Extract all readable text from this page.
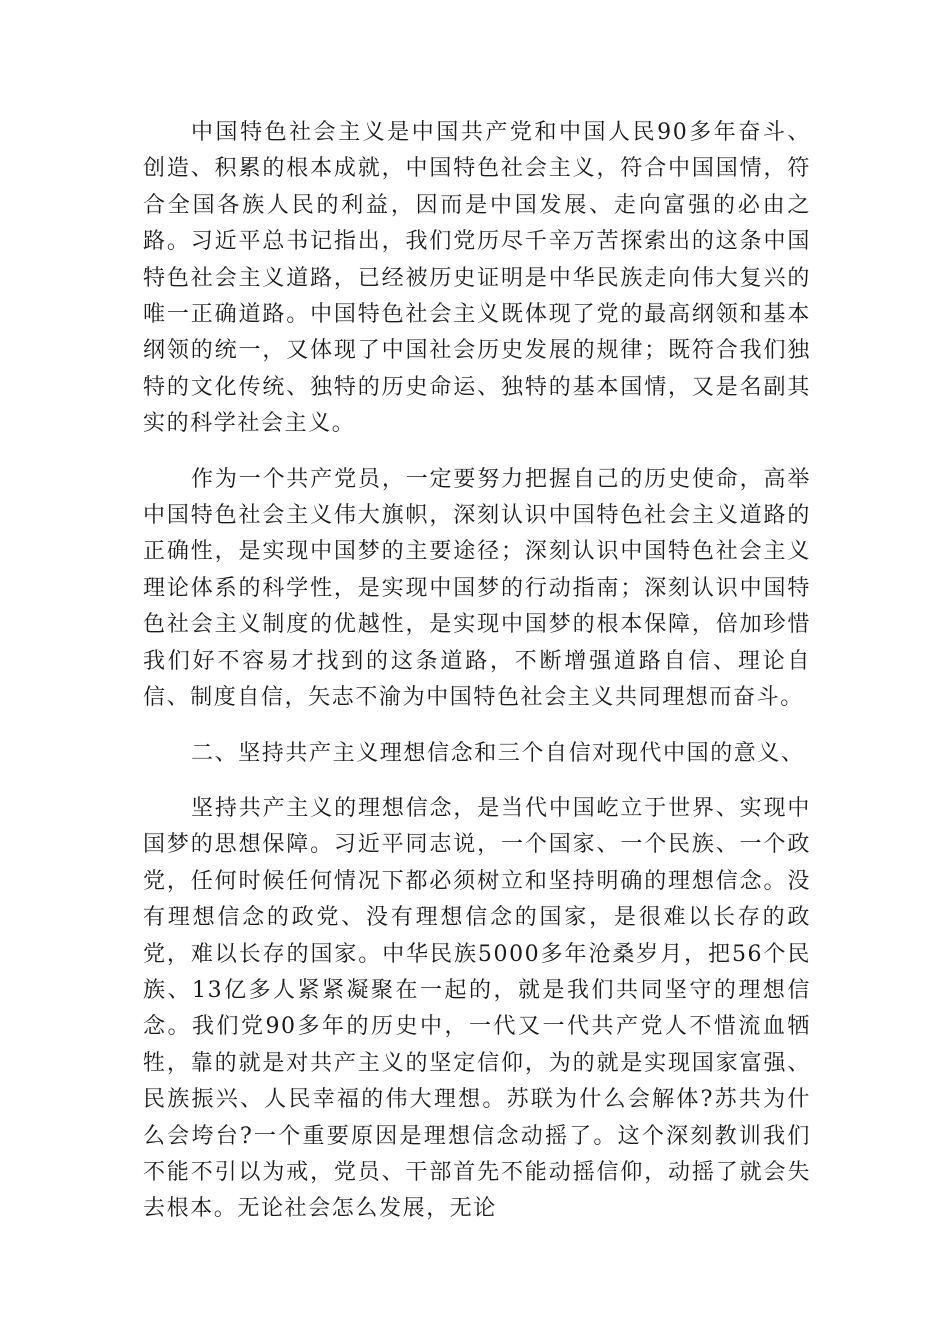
中国特色社会主义是中国共产党和中国人民90多年奋斗、创造、积累的根本成就，中国特色社会主义，符合中国国情，符合全国各族人民的利益，因而是中国发展、走向富强的必由之路。习近平总书记指出，我们党历尽千辛万苦探索出的这条中国特色社会主义道路，已经被历史证明是中华民族走向伟大复兴的唯一正确道路。中国特色社会主义既体现了党的最高纲领和基本纲领的统一，又体现了中国社会历史发展的规律；既符合我们独特的文化传统、独特的历史命运、独特的基本国情，又是名副其实的科学社会主义。

作为一个共产党员，一定要努力把握自己的历史使命，高举中国特色社会主义伟大旗帜，深刻认识中国特色社会主义道路的正确性，是实现中国梦的主要途径；深刻认识中国特色社会主义理论体系的科学性，是实现中国梦的行动指南；深刻认识中国特色社会主义制度的优越性，是实现中国梦的根本保障，倍加珍惜我们好不容易才找到的这条道路，不断增强道路自信、理论自信、制度自信，矢志不渝为中国特色社会主义共同理想而奋斗。

二、坚持共产主义理想信念和三个自信对现代中国的意义、

坚持共产主义的理想信念，是当代中国屹立于世界、实现中国梦的思想保障。习近平同志说，一个国家、一个民族、一个政党，任何时候任何情况下都必须树立和坚持明确的理想信念。没有理想信念的政党、没有理想信念的国家，是很难以长存的政党，难以长存的国家。中华民族5000多年沧桑岁月，把56个民族、13亿多人紧紧凝聚在一起的，就是我们共同坚守的理想信念。我们党90多年的历史中，一代又一代共产党人不惜流血牺牲，靠的就是对共产主义的坚定信仰，为的就是实现国家富强、民族振兴、人民幸福的伟大理想。苏联为什么会解体?苏共为什么会垮台?一个重要原因是理想信念动摇了。这个深刻教训我们不能不引以为戒，党员、干部首先不能动摇信仰，动摇了就会失去根本。无论社会怎么发展，无论
